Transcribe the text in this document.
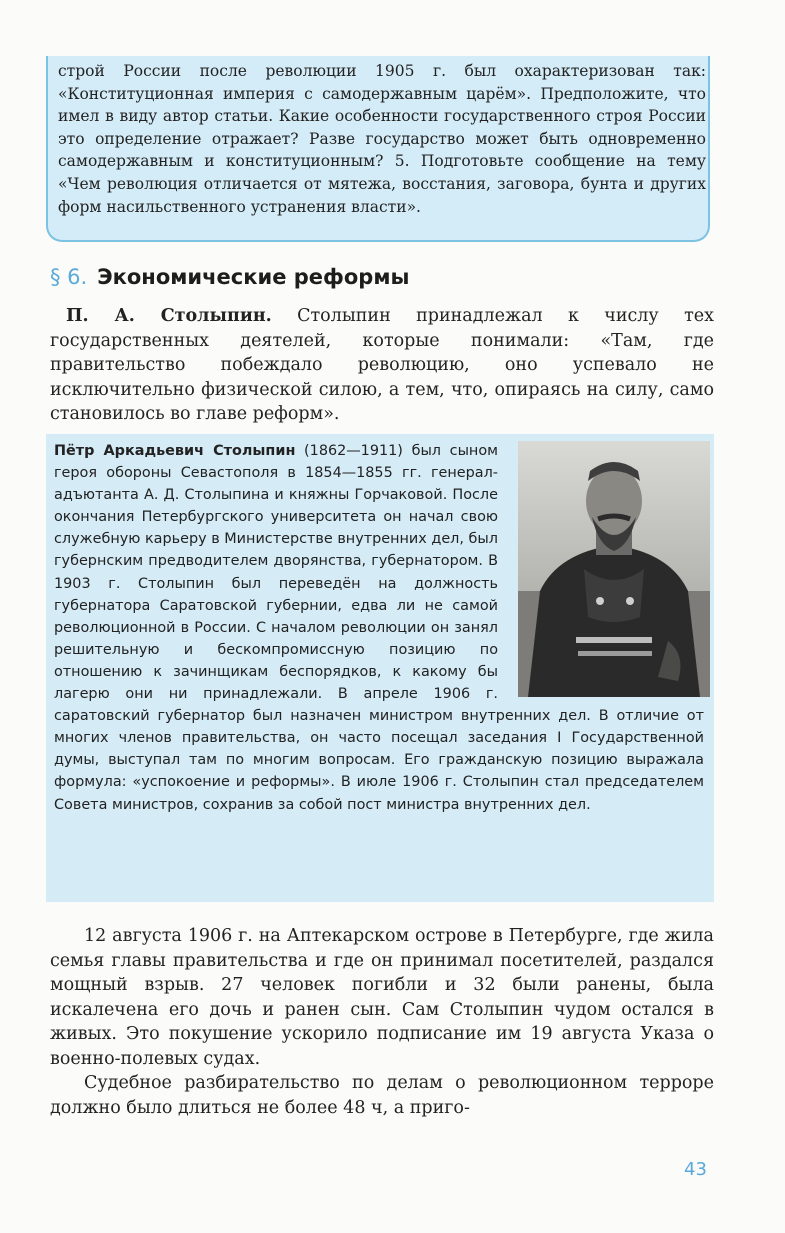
строй России после революции 1905 г. был охарактеризован так: «Конституционная империя с самодержавным царём». Предположите, что имел в виду автор статьи. Какие особенности государственного строя России это определение отражает? Разве государство может быть одновременно самодержавным и конституционным? 5. Подготовьте сообщение на тему «Чем революция отличается от мятежа, восстания, заговора, бунта и других форм насильственного устранения власти».
§ 6. Экономические реформы
П. А. Столыпин. Столыпин принадлежал к числу тех государственных деятелей, которые понимали: «Там, где правительство побеждало революцию, оно успевало не исключительно физической силою, а тем, что, опираясь на силу, само становилось во главе реформ».
Пётр Аркадьевич Столыпин (1862—1911) был сыном героя обороны Севастополя в 1854—1855 гг. генерал-адъютанта А. Д. Столыпина и княжны Горчаковой. После окончания Петербургского университета он начал свою служебную карьеру в Министерстве внутренних дел, был губернским предводителем дворянства, губернатором. В 1903 г. Столыпин был переведён на должность губернатора Саратовской губернии, едва ли не самой революционной в России. С началом революции он занял решительную и бескомпромиссную позицию по отношению к зачинщикам беспорядков, к какому бы лагерю они ни принадлежали. В апреле 1906 г. саратовский губернатор был назначен министром внутренних дел. В отличие от многих членов правительства, он часто посещал заседания I Государственной думы, выступал там по многим вопросам. Его гражданскую позицию выражала формула: «успокоение и реформы». В июле 1906 г. Столыпин стал председателем Совета министров, сохранив за собой пост министра внутренних дел.

12 августа 1906 г. на Аптекарском острове в Петербурге, где жила семья главы правительства и где он принимал посетителей, раздался мощный взрыв. 27 человек погибли и 32 были ранены, была искалечена его дочь и ранен сын. Сам Столыпин чудом остался в живых. Это покушение ускорило подписание им 19 августа Указа о военно-полевых судах.

Судебное разбирательство по делам о революционном терроре должно было длиться не более 48 ч, а приго-

43
